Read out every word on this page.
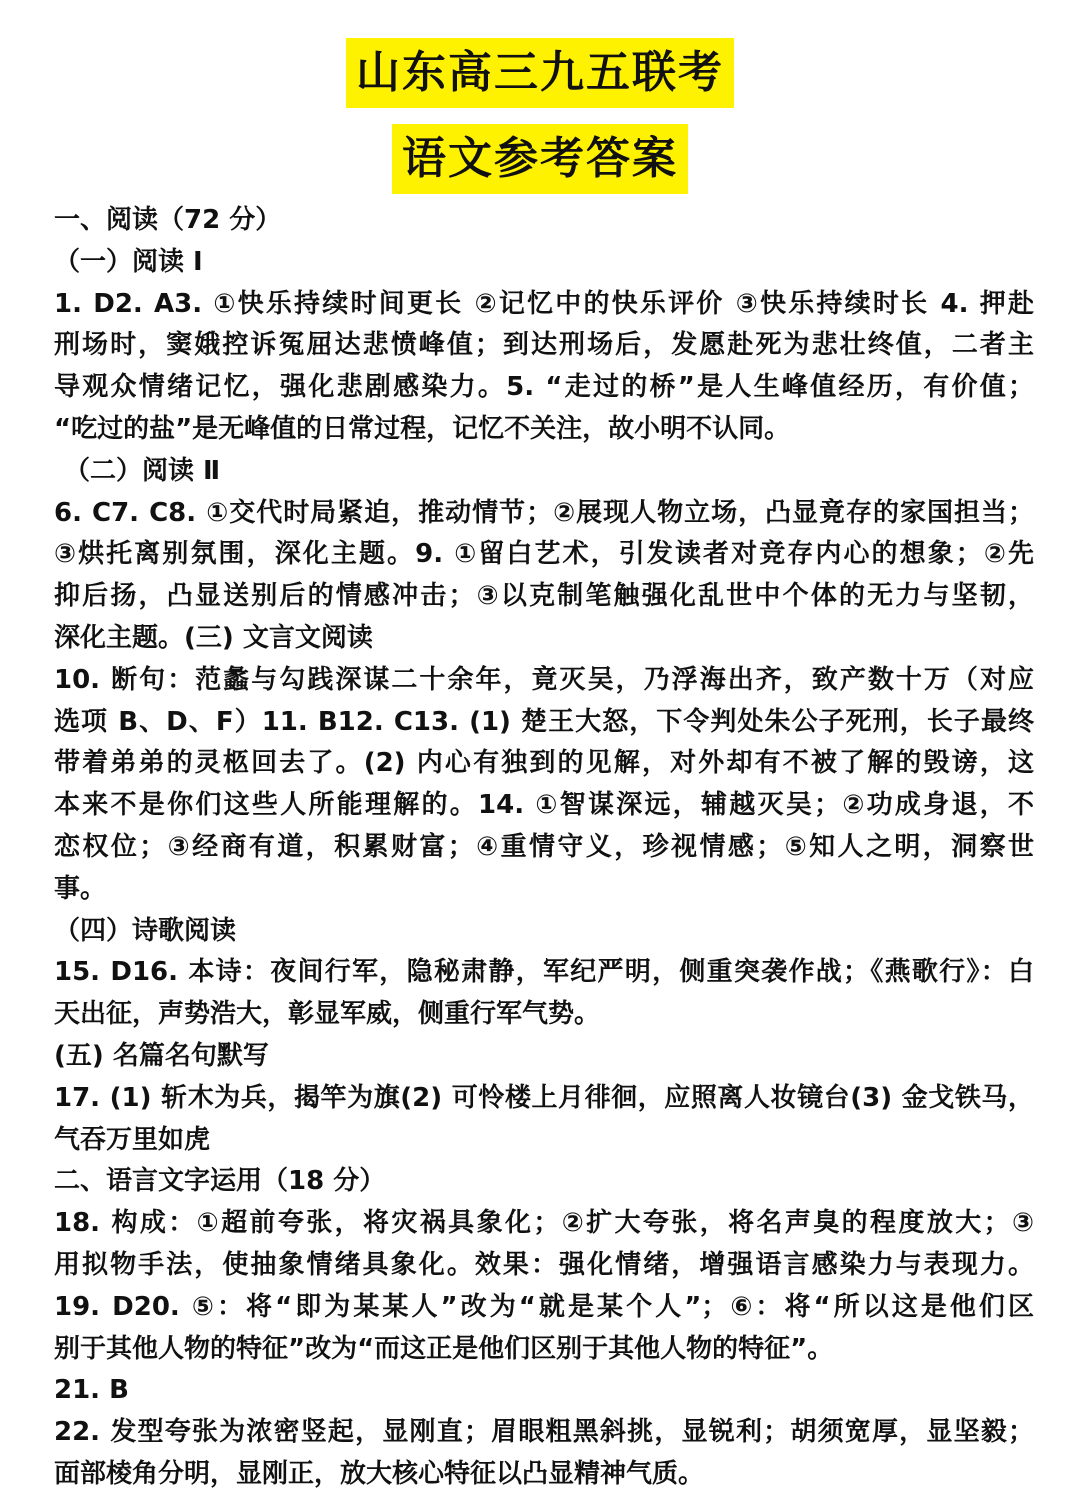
山东高三九五联考
语文参考答案
一、阅读（72 分）
（一）阅读 Ⅰ
1. D2. A3. ①快乐持续时间更长 ②记忆中的快乐评价 ③快乐持续时长 4. 押赴
刑场时，窦娥控诉冤屈达悲愤峰值；到达刑场后，发愿赴死为悲壮终值，二者主
导观众情绪记忆，强化悲剧感染力。5. “走过的桥”是人生峰值经历，有价值；
“吃过的盐”是无峰值的日常过程，记忆不关注，故小明不认同。
（二）阅读 Ⅱ
6. C7. C8. ①交代时局紧迫，推动情节；②展现人物立场，凸显竟存的家国担当；
③烘托离别氛围，深化主题。9. ①留白艺术，引发读者对竞存内心的想象；②先
抑后扬，凸显送别后的情感冲击；③以克制笔触强化乱世中个体的无力与坚韧，
深化主题。(三) 文言文阅读
10. 断句：范蠡与勾践深谋二十余年，竟灭吴，乃浮海出齐，致产数十万（对应
选项 B、D、F）11. B12. C13. (1) 楚王大怒，下令判处朱公子死刑，长子最终
带着弟弟的灵柩回去了。(2) 内心有独到的见解，对外却有不被了解的毁谤，这
本来不是你们这些人所能理解的。14. ①智谋深远，辅越灭吴；②功成身退，不
恋权位；③经商有道，积累财富；④重情守义，珍视情感；⑤知人之明，洞察世
事。
（四）诗歌阅读
15. D16. 本诗：夜间行军，隐秘肃静，军纪严明，侧重突袭作战；《燕歌行》：白
天出征，声势浩大，彰显军威，侧重行军气势。
(五) 名篇名句默写
17. (1) 斩木为兵，揭竿为旗(2) 可怜楼上月徘徊，应照离人妆镜台(3) 金戈铁马，
气吞万里如虎
二、语言文字运用（18 分）
18. 构成：①超前夸张，将灾祸具象化；②扩大夸张，将名声臭的程度放大；③
用拟物手法，使抽象情绪具象化。效果：强化情绪，增强语言感染力与表现力。
19. D20. ⑤：将“即为某某人”改为“就是某个人”；⑥：将“所以这是他们区
别于其他人物的特征”改为“而这正是他们区别于其他人物的特征”。
21. B
22. 发型夸张为浓密竖起，显刚直；眉眼粗黑斜挑，显锐利；胡须宽厚，显坚毅；
面部棱角分明，显刚正，放大核心特征以凸显精神气质。
